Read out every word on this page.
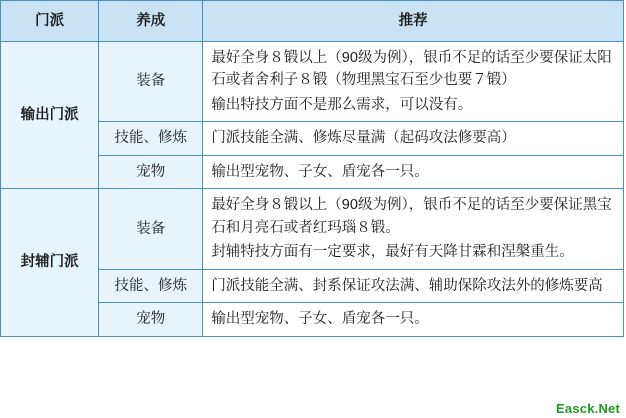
门派	养成	推荐
输出门派	装备	最好全身８锻以上（90级为例），银币不足的话至少要保证太阳石或者舍利子８锻（物理黑宝石至少也要７锻）

输出特技方面不是那么需求，可以没有。

	技能、修炼	门派技能全满、修炼尽量满（起码攻法修要高）

	宠物	输出型宠物、子女、盾宠各一只。

封辅门派	装备	最好全身８锻以上（90级为例），银币不足的话至少要保证黑宝石和月亮石或者红玛瑙８锻。

封辅特技方面有一定要求，最好有天降甘霖和涅槃重生。

	技能、修炼	门派技能全满、封系保证攻法满、辅助保除攻法外的修炼要高

	宠物	输出型宠物、子女、盾宠各一只。

Easck.Net
